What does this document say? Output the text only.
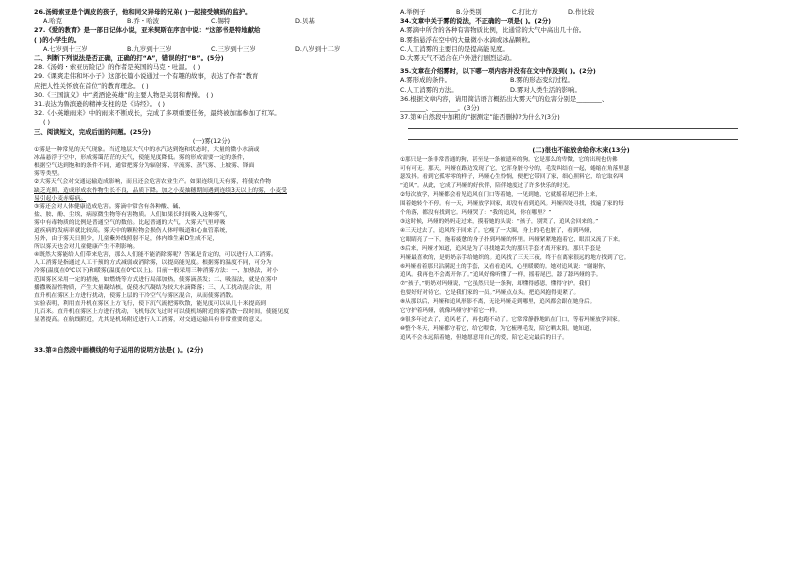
26.汤姆索亚是个调皮的孩子，他和同父异母的兄弟( )一起接受姨妈的监护。
A.哈克	B.乔・哈波	C.锡特	D.贝基
27.《爱的教育》是一部日记体小说，亚米契斯在序言中说：“这部书是特地献给
( )的小学生的。
A.七岁到十三岁	B.九岁到十三岁	C.三岁到十三岁	D.八岁到十二岁
二、判断下列说法是否正确，正确的打“A”，错误的打“B”。(5分)
28.《汤姆・索亚历险记》的作者是英国的马克・吐温。 ( )
29.《课爽走伟和坏小子》这部长篇小说通过一个有趣的故事，表达了作者“教育
应把人性关怀放在首位”的教育理念。 ( )
30.《三国演义》中“煮酒论英雄”的主要人物是关羽和曹操。 ( )
31.表达为鲁滨逊的精神支柱的是《诗经》。 ( )
32.《小英雄雨来》中的雨来不断成长，完成了多项重要任务，最终被加塞参加了红军。
( )
三、阅读短文，完成后面的问题。(25分)
(一)雾(12分)
①雾是一种常见的天气现象。当近地层大气中的水汽达到饱和状态时，大量的微小水滴或
冰晶悬浮于空中，形成雾霭茫茫的天气，使能见度降低。雾的形成需要一定的条件，
根据空气达到饱和的条件不同，通常把雾分为辐射雾、平流雾、蒸气雾、上坡雾、锋面
雾等类型。
②大雾天气会对交通运输造成影响，而且还会危害农业生产。如果连续几天有雾，将使农作物
缺乏光照，造成形成农作物生长不良，品质下降。加之小麦抽穗期间遇到连续3天以上的雾，小麦受
易引起小麦赤霉病。
③雾还会对人体健康造成危害。雾滴中常含有各种酸、碱、
盐、胺、酚、尘埃、病原微生物等有害物质。人们如果长时间吸入这种雾气，
雾中有毒物质的比例是普通空气的数倍。比起普通的大气，大雾天气里呼吸
道疾病的发病率就比较高。雾天中的颗粒物会损伤人体呼吸道和心血管系统，
另外，由于雾天日照少，儿童紫外线照射不足，体内维生素D生成不足，
所以雾天也会对儿童健康产生不利影响。
④既然大雾能给人们带来危害，那么人们能不能消除雾呢？答案是肯定的，可以进行人工消雾。
人工消雾是指通过人工干预的方式减弱或消除雾，以提高能见度。根据雾的温度不同，可分为
冷雾(温度在0℃以下)和暖雾(温度在0℃以上)。目前一般采用三种消雾方法：一、加热法，对小
范围雾区采用一定的措施，如燃烧等方式进行局部加热，使雾滴蒸发；二、吸湿法，就是在雾中
播撒吸湿性物质，产生大量凝结核，促使水汽凝结为较大水滴降落；三、人工扰动混合法，用
直升机在雾区上方进行扰动，使雾上层的干冷空气与雾区混合，从而使雾消散。
实验表明，利用直升机在雾区上方飞行，使下沉气流把雾吹散，能见度可以从几十米提高到
几百米。直升机在雾区上方进行扰动，飞机每次飞过时可以使机场附近的雾消散一段时间，使能见度
显著提高。在航线附近，尤其是机场附近进行人工消雾，对交通运输具有非常重要的意义。
33.第②自然段中画横线的句子运用的说明方法是( )。(2分)
A.举例子	B.分类别	C.打比方	D.作比较
34.文章中关于雾的说法，不正确的一项是( )。(2分)
A.雾滴中所含的各种有害物质比例，比通常的大气中高出几十倍。
B.雾指悬浮在空中的大量微小水滴或冰晶颗粒。
C.人工消雾的主要目的是提高能见度。
D.大雾天气不适合在户外进行剧烈运动。
35.文章在介绍雾时，以下哪一项内容并没有在文中作及到( )。(2分)
A.雾形成的条件。	B.雾的形态变幻过程。
C.人工消雾的方法。	D.雾对人类生活的影响。
36.根据文章内容，请用简洁语言概括出大雾天气的危害分别是________、
________、________。(3分)
37.第④自然段中加粗的“据测定”能否删掉?为什么?(3分)
(二)很也不能放舍给你木来(13分)
①那只是一条非常普通的狗，甚至是一条被遗弃的狗。它是那么的卑微，它的出现也仿佛
可有可无。那天，玛娅在路边发现了它，它浑身脏兮兮的，毛发纠结在一起，蜷缩在角落里瑟
瑟发抖。看到它孤零零的样子，玛娅心生怜悯，便把它带回了家，细心照料它，给它取名叫
“追风”。从此，它成了玛娅的好伙伴，陪伴她度过了许多快乐的时光。
②每次放学，玛娅都会看见追风在门口等着她，一见到她，它就摇着尾巴扑上来，
围着她转个不停。有一天，玛娅放学回家，却没有看到追风。玛娅四处寻找，找遍了家的每
个角落，都没有找到它。玛娅哭了：“我的追风，你在哪里？”
③这时候，玛娅的妈妈走过来，摸着她的头说：“孩子，别哭了，追风会回来的。”
④三天过去了，追风终于回来了。它瘦了一大圈，身上的毛也脏了，看到玛娅，
它眼睛亮了一下，拖着疲惫的身子扑到玛娅的怀里。玛娅紧紧地抱着它，眼泪又流了下来。
⑤后来，玛娅才知道，追风是为了寻找她丢失的那只手套才离开家的。那只手套是
玛娅最喜欢的，是奶奶亲手给她织的。追风找了三天三夜，终于在离家很远的地方找到了它。
⑥玛娅看着那只沾满泥土的手套，又看看追风，心里暖暖的。她对追风说：“谢谢你，
追风。我再也不会离开你了。”追风好像听懂了一样，摇着尾巴，舔了舔玛娅的手。
⑦“孩子，”奶奶对玛娅说，“它虽然只是一条狗，却懂得感恩，懂得守护。我们
也要好好对待它，它是我们家的一员。”玛娅点点头，把追风抱得更紧了。
⑧从那以后，玛娅和追风形影不离，无论玛娅走到哪里，追风都会跟在她身后。
它守护着玛娅，就像玛娅守护着它一样。
⑨很多年过去了，追风老了，再也跑不动了。它常常静静地趴在门口，等着玛娅放学回家。
⑩整个冬天，玛娅都守着它，给它喂食，为它梳理毛发，陪它晒太阳。她知道，
追风不会永远陪着她，但她愿意用自己的爱，陪它走完最后的日子。
